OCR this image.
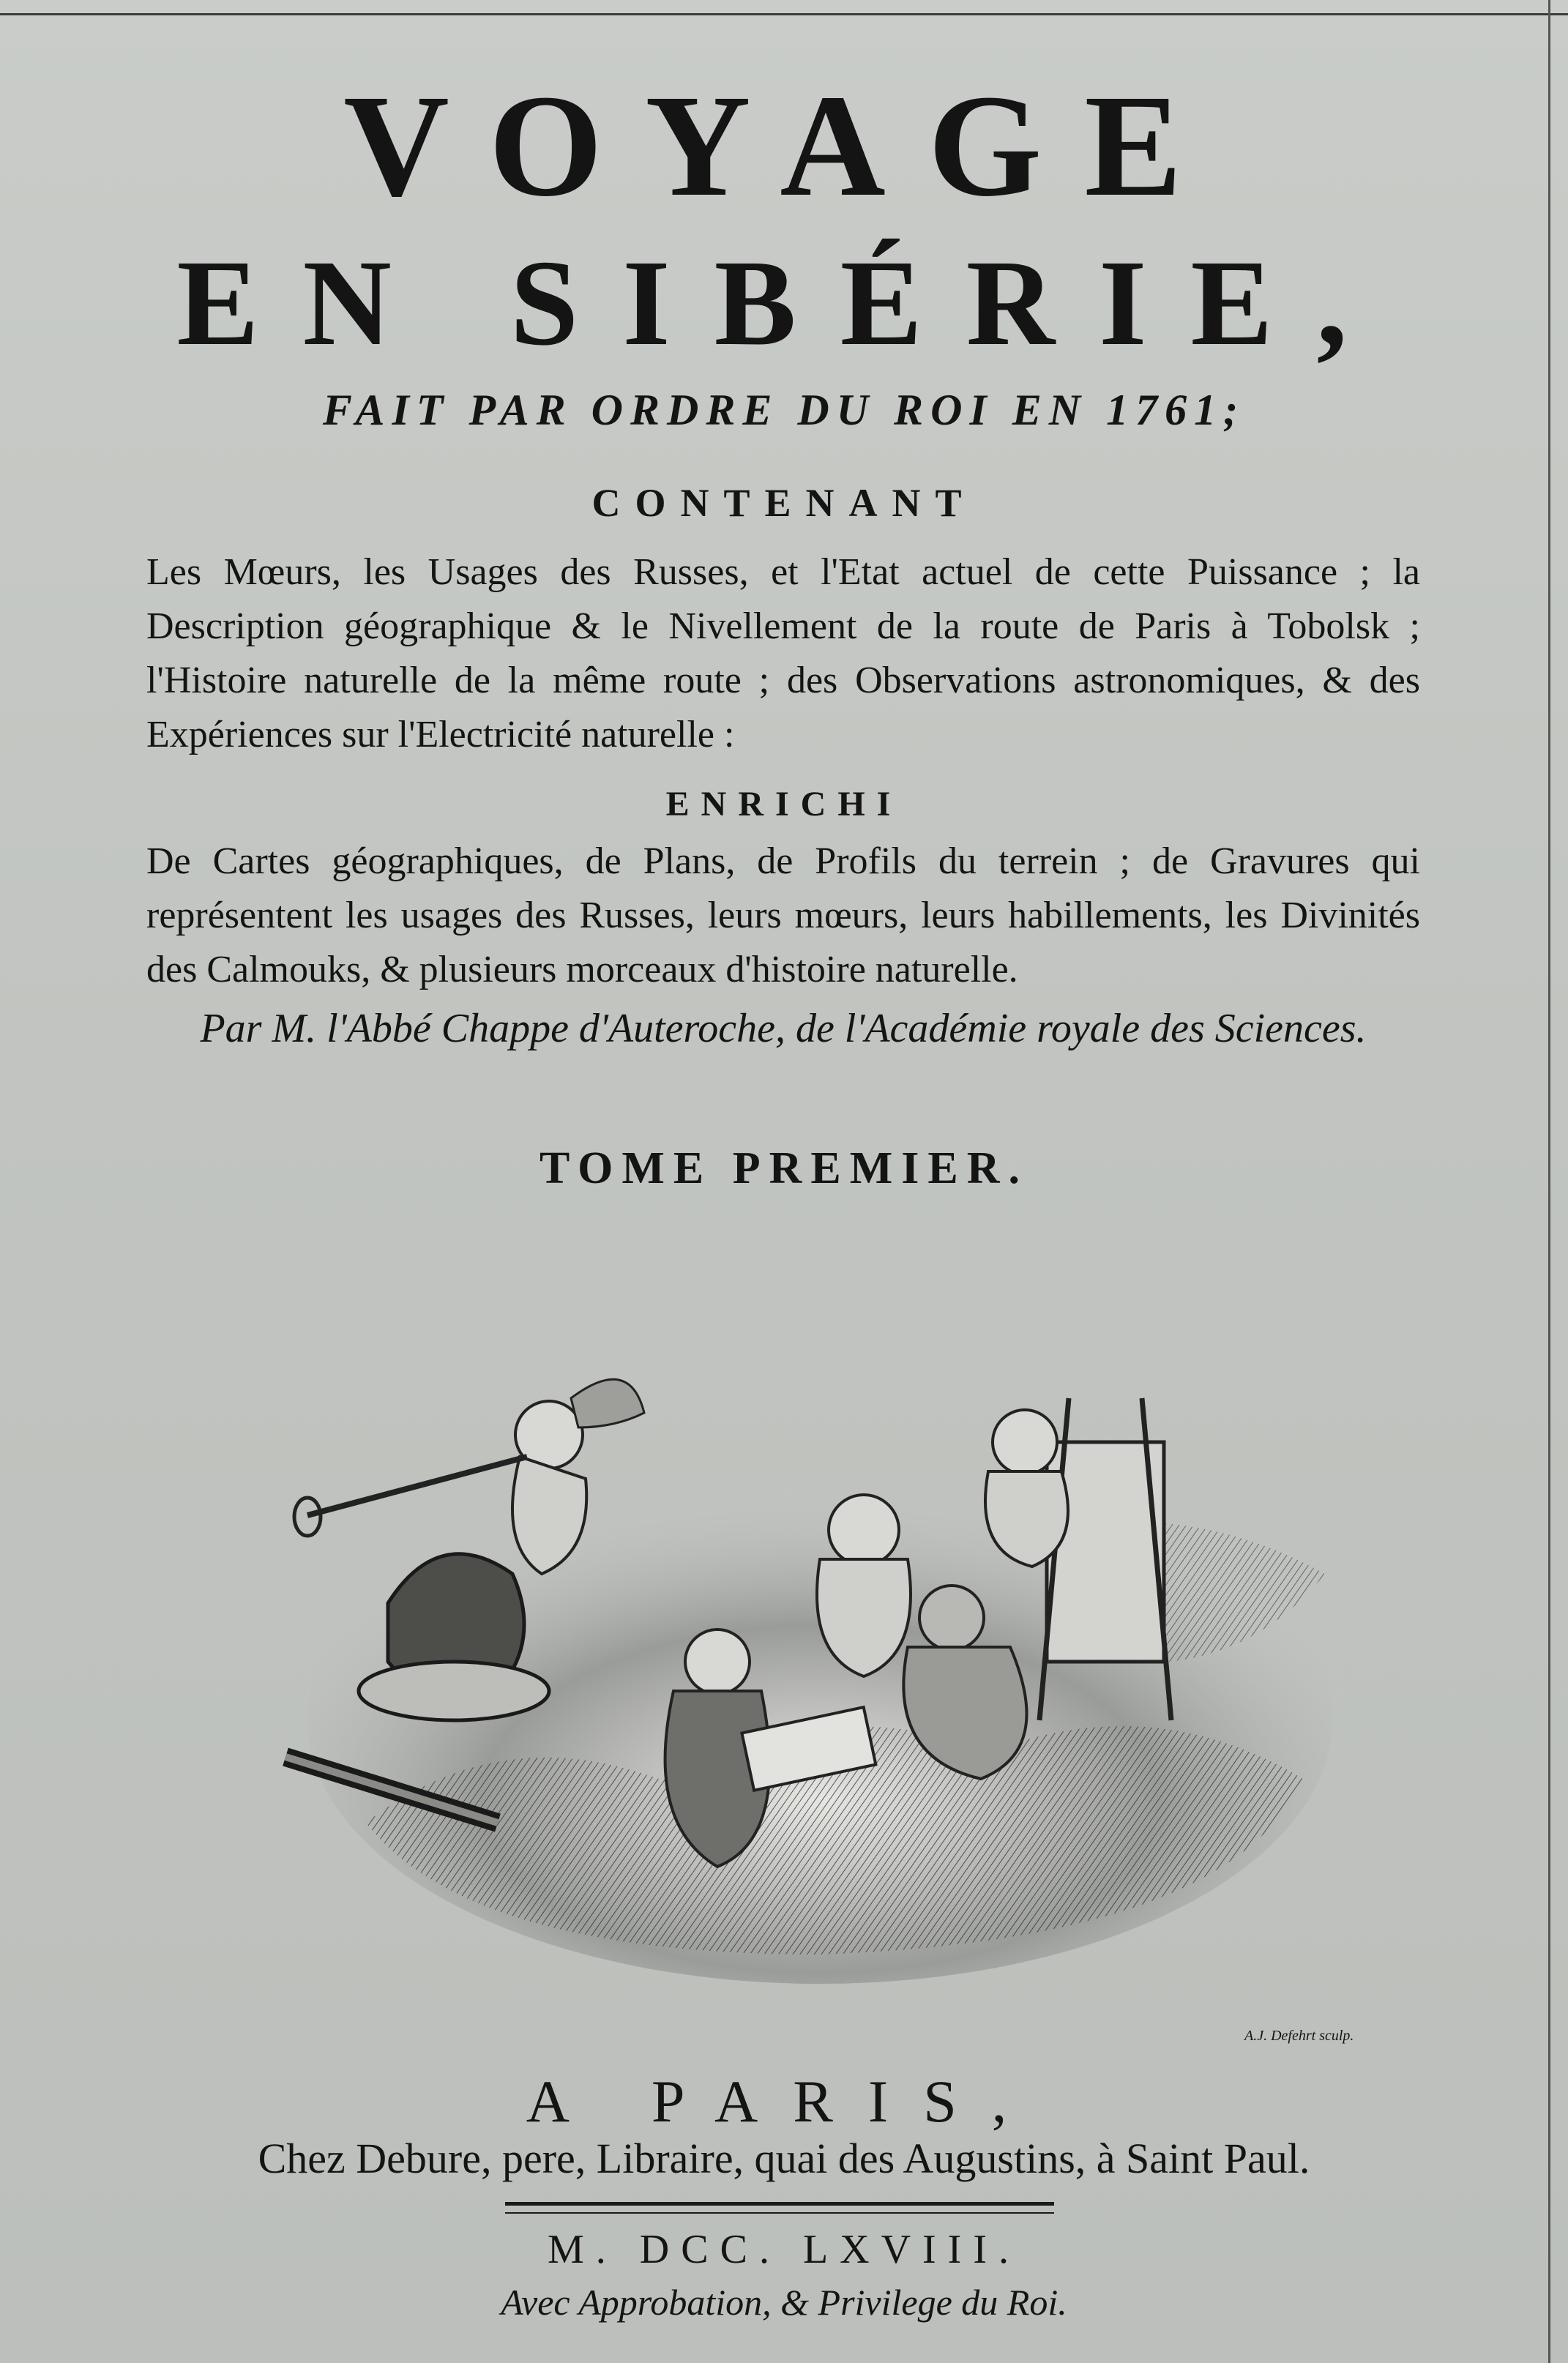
VOYAGE
EN SIBÉRIE,
FAIT PAR ORDRE DU ROI EN 1761;
CONTENANT
Les Mœurs, les Usages des Russes, et l'Etat actuel de cette Puissance ; la Description géographique & le Nivellement de la route de Paris à Tobolsk ; l'Histoire naturelle de la même route ; des Observations astronomiques, & des Expériences sur l'Electricité naturelle :
ENRICHI
De Cartes géographiques, de Plans, de Profils du terrein ; de Gravures qui représentent les usages des Russes, leurs mœurs, leurs habillements, les Divinités des Calmouks, & plusieurs morceaux d'histoire naturelle.
Par M. l'Abbé Chappe d'Auteroche, de l'Académie royale des Sciences.
TOME PREMIER.
A.J. Defehrt sculp.
A PARIS,
Chez Debure, pere, Libraire, quai des Augustins, à Saint Paul.
M. DCC. LXVIII.
Avec Approbation, & Privilege du Roi.
